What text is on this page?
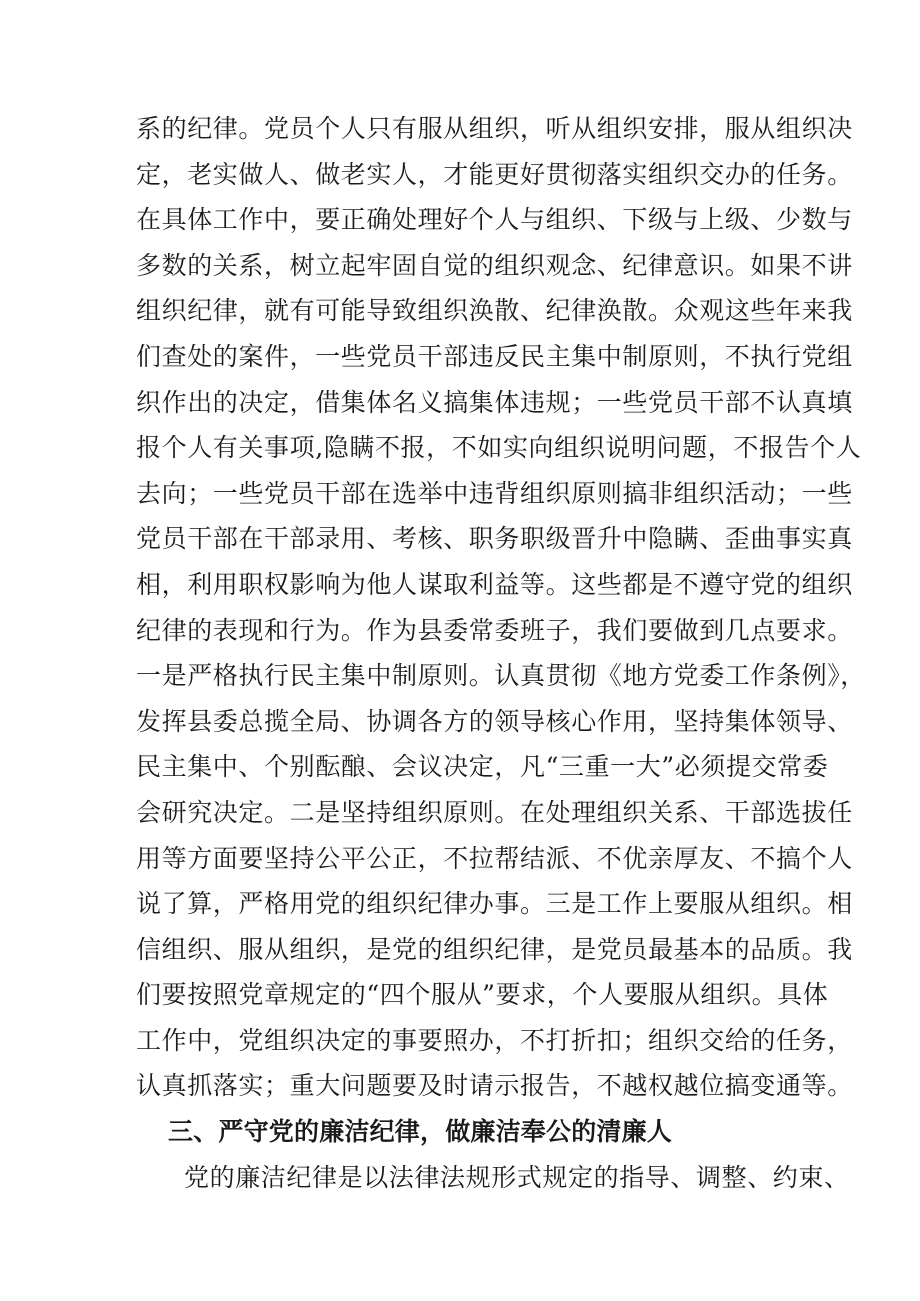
系的纪律。党员个人只有服从组织，听从组织安排，服从组织决
定，老实做人、做老实人，才能更好贯彻落实组织交办的任务。
在具体工作中，要正确处理好个人与组织、下级与上级、少数与
多数的关系，树立起牢固自觉的组织观念、纪律意识。如果不讲
组织纪律，就有可能导致组织涣散、纪律涣散。众观这些年来我
们查处的案件，一些党员干部违反民主集中制原则，不执行党组
织作出的决定，借集体名义搞集体违规；一些党员干部不认真填
报个人有关事项,隐瞒不报，不如实向组织说明问题，不报告个人
去向；一些党员干部在选举中违背组织原则搞非组织活动；一些
党员干部在干部录用、考核、职务职级晋升中隐瞒、歪曲事实真
相，利用职权影响为他人谋取利益等。这些都是不遵守党的组织
纪律的表现和行为。作为县委常委班子，我们要做到几点要求。
一是严格执行民主集中制原则。认真贯彻《地方党委工作条例》，
发挥县委总揽全局、协调各方的领导核心作用，坚持集体领导、
民主集中、个别酝酿、会议决定，凡“三重一大”必须提交常委
会研究决定。二是坚持组织原则。在处理组织关系、干部选拔任
用等方面要坚持公平公正，不拉帮结派、不优亲厚友、不搞个人
说了算，严格用党的组织纪律办事。三是工作上要服从组织。相
信组织、服从组织，是党的组织纪律，是党员最基本的品质。我
们要按照党章规定的“四个服从”要求，个人要服从组织。具体
工作中，党组织决定的事要照办，不打折扣；组织交给的任务，
认真抓落实；重大问题要及时请示报告，不越权越位搞变通等。
三、严守党的廉洁纪律，做廉洁奉公的清廉人
党的廉洁纪律是以法律法规形式规定的指导、调整、约束、
